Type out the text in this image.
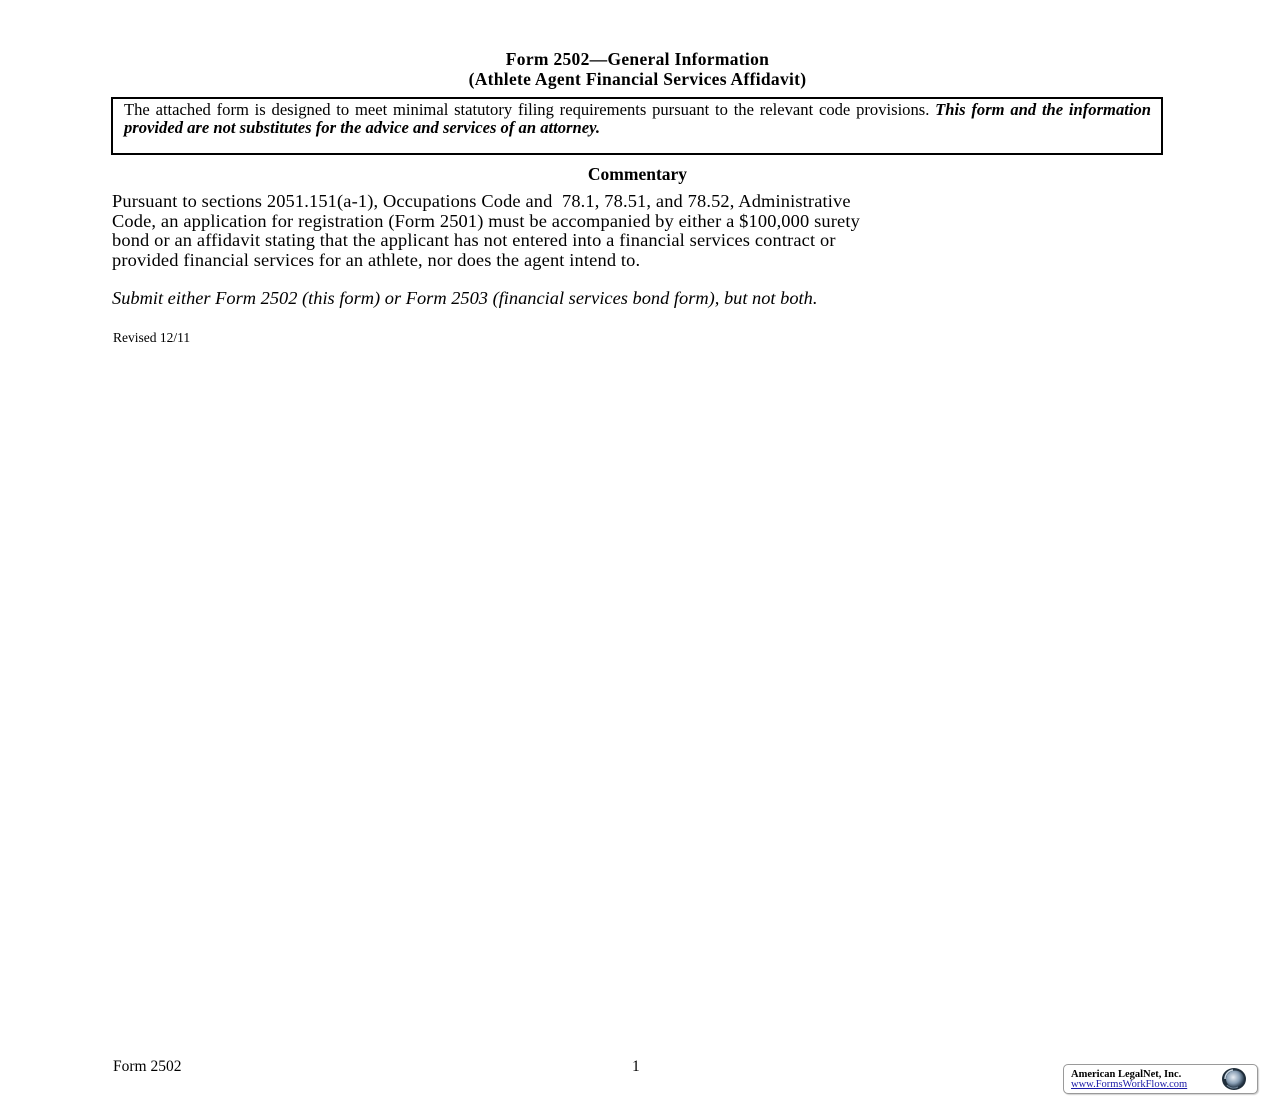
Form 2502—General Information
(Athlete Agent Financial Services Affidavit)
The attached form is designed to meet minimal statutory filing requirements pursuant to the relevant code provisions. This form and the information provided are not substitutes for the advice and services of an attorney.
Commentary
Pursuant to sections 2051.151(a-1), Occupations Code and  78.1, 78.51, and 78.52, Administrative
Code, an application for registration (Form 2501) must be accompanied by either a $100,000 surety
bond or an affidavit stating that the applicant has not entered into a financial services contract or
provided financial services for an athlete, nor does the agent intend to.
Submit either Form 2502 (this form) or Form 2503 (financial services bond form), but not both.
Revised 12/11
Form 2502	1	American LegalNet, Inc.
www.FormsWorkFlow.com
